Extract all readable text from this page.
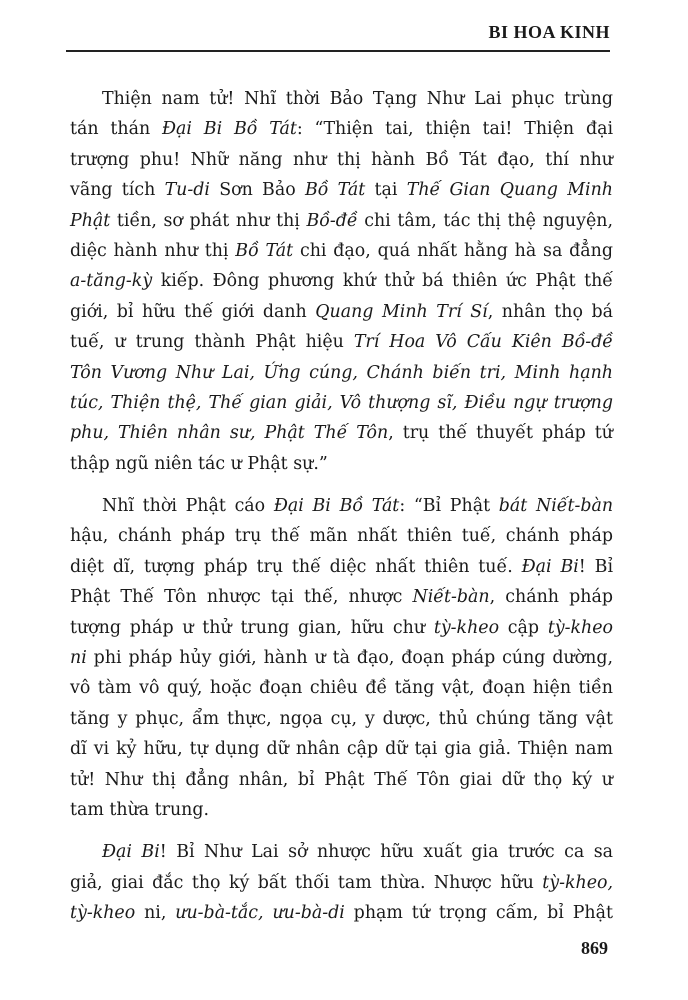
BI HOA KINH
Thiện nam tử! Nhĩ thời Bảo Tạng Như Lai phục trùng
tán thán Đại Bi Bồ Tát: “Thiện tai, thiện tai! Thiện đại
trượng phu! Nhữ năng như thị hành Bồ Tát đạo, thí như
vãng tích Tu-di Sơn Bảo Bồ Tát tại Thế Gian Quang Minh
Phật tiền, sơ phát như thị Bồ-đề chi tâm, tác thị thệ nguyện,
diệc hành như thị Bồ Tát chi đạo, quá nhất hằng hà sa đẳng
a-tăng-kỳ kiếp. Đông phương khứ thử bá thiên ức Phật thế
giới, bỉ hữu thế giới danh Quang Minh Trí Sí, nhân thọ bá
tuế, ư trung thành Phật hiệu Trí Hoa Vô Cấu Kiên Bồ-đề
Tôn Vương Như Lai, Ứng cúng, Chánh biến tri, Minh hạnh
túc, Thiện thệ, Thế gian giải, Vô thượng sĩ, Điều ngự trượng
phu, Thiên nhân sư, Phật Thế Tôn, trụ thế thuyết pháp tứ
thập ngũ niên tác ư Phật sự.”
Nhĩ thời Phật cáo Đại Bi Bồ Tát: “Bỉ Phật bát Niết-bàn
hậu, chánh pháp trụ thế mãn nhất thiên tuế, chánh pháp
diệt dĩ, tượng pháp trụ thế diệc nhất thiên tuế. Đại Bi! Bỉ
Phật Thế Tôn nhược tại thế, nhược Niết-bàn, chánh pháp
tượng pháp ư thử trung gian, hữu chư tỳ-kheo cập tỳ-kheo
ni phi pháp hủy giới, hành ư tà đạo, đoạn pháp cúng dường,
vô tàm vô quý, hoặc đoạn chiêu đề tăng vật, đoạn hiện tiền
tăng y phục, ẩm thực, ngọa cụ, y dược, thủ chúng tăng vật
dĩ vi kỷ hữu, tự dụng dữ nhân cập dữ tại gia giả. Thiện nam
tử! Như thị đẳng nhân, bỉ Phật Thế Tôn giai dữ thọ ký ư
tam thừa trung.
Đại Bi! Bỉ Như Lai sở nhược hữu xuất gia trước ca sa
giả, giai đắc thọ ký bất thối tam thừa. Nhược hữu tỳ-kheo,
tỳ-kheo ni, ưu-bà-tắc, ưu-bà-di phạm tứ trọng cấm, bỉ Phật
869
